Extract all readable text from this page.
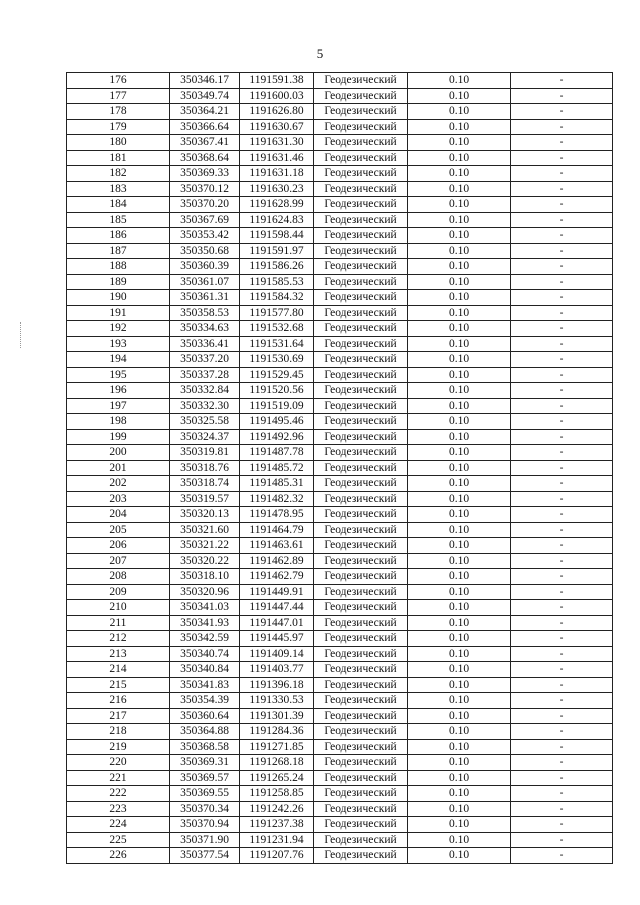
5
176	350346.17	1191591.38	Геодезический	0.10	-
177	350349.74	1191600.03	Геодезический	0.10	-
178	350364.21	1191626.80	Геодезический	0.10	-
179	350366.64	1191630.67	Геодезический	0.10	-
180	350367.41	1191631.30	Геодезический	0.10	-
181	350368.64	1191631.46	Геодезический	0.10	-
182	350369.33	1191631.18	Геодезический	0.10	-
183	350370.12	1191630.23	Геодезический	0.10	-
184	350370.20	1191628.99	Геодезический	0.10	-
185	350367.69	1191624.83	Геодезический	0.10	-
186	350353.42	1191598.44	Геодезический	0.10	-
187	350350.68	1191591.97	Геодезический	0.10	-
188	350360.39	1191586.26	Геодезический	0.10	-
189	350361.07	1191585.53	Геодезический	0.10	-
190	350361.31	1191584.32	Геодезический	0.10	-
191	350358.53	1191577.80	Геодезический	0.10	-
192	350334.63	1191532.68	Геодезический	0.10	-
193	350336.41	1191531.64	Геодезический	0.10	-
194	350337.20	1191530.69	Геодезический	0.10	-
195	350337.28	1191529.45	Геодезический	0.10	-
196	350332.84	1191520.56	Геодезический	0.10	-
197	350332.30	1191519.09	Геодезический	0.10	-
198	350325.58	1191495.46	Геодезический	0.10	-
199	350324.37	1191492.96	Геодезический	0.10	-
200	350319.81	1191487.78	Геодезический	0.10	-
201	350318.76	1191485.72	Геодезический	0.10	-
202	350318.74	1191485.31	Геодезический	0.10	-
203	350319.57	1191482.32	Геодезический	0.10	-
204	350320.13	1191478.95	Геодезический	0.10	-
205	350321.60	1191464.79	Геодезический	0.10	-
206	350321.22	1191463.61	Геодезический	0.10	-
207	350320.22	1191462.89	Геодезический	0.10	-
208	350318.10	1191462.79	Геодезический	0.10	-
209	350320.96	1191449.91	Геодезический	0.10	-
210	350341.03	1191447.44	Геодезический	0.10	-
211	350341.93	1191447.01	Геодезический	0.10	-
212	350342.59	1191445.97	Геодезический	0.10	-
213	350340.74	1191409.14	Геодезический	0.10	-
214	350340.84	1191403.77	Геодезический	0.10	-
215	350341.83	1191396.18	Геодезический	0.10	-
216	350354.39	1191330.53	Геодезический	0.10	-
217	350360.64	1191301.39	Геодезический	0.10	-
218	350364.88	1191284.36	Геодезический	0.10	-
219	350368.58	1191271.85	Геодезический	0.10	-
220	350369.31	1191268.18	Геодезический	0.10	-
221	350369.57	1191265.24	Геодезический	0.10	-
222	350369.55	1191258.85	Геодезический	0.10	-
223	350370.34	1191242.26	Геодезический	0.10	-
224	350370.94	1191237.38	Геодезический	0.10	-
225	350371.90	1191231.94	Геодезический	0.10	-
226	350377.54	1191207.76	Геодезический	0.10	-
